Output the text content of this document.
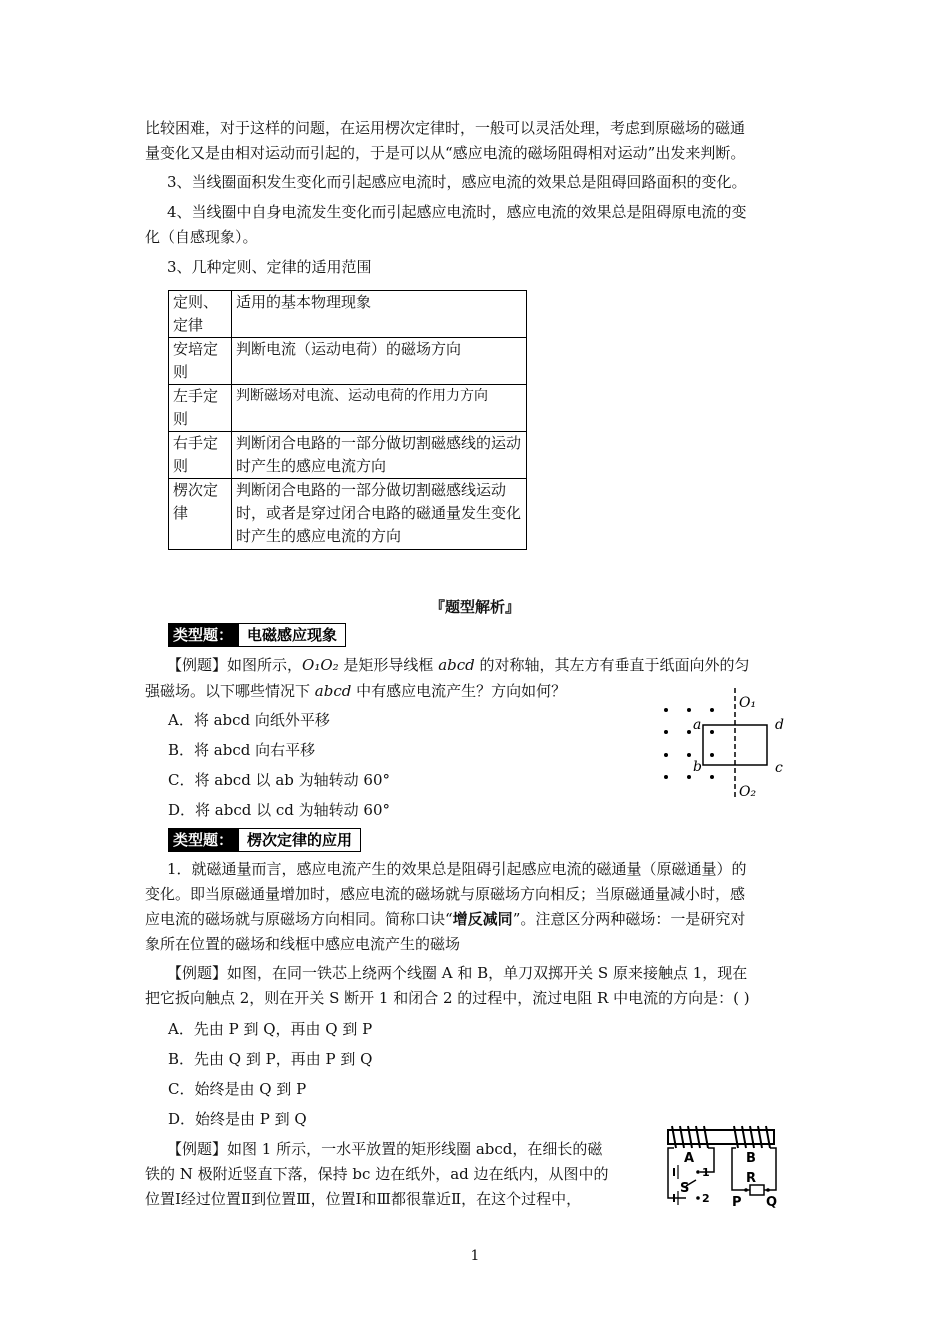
比较困难，对于这样的问题，在运用楞次定律时，一般可以灵活处理，考虑到原磁场的磁通
量变化又是由相对运动而引起的，于是可以从“感应电流的磁场阻碍相对运动”出发来判断。
3、当线圈面积发生变化而引起感应电流时，感应电流的效果总是阻碍回路面积的变化。
4、当线圈中自身电流发生变化而引起感应电流时，感应电流的效果总是阻碍原电流的变
化（自感现象）。
3、几种定则、定律的适用范围
定则、定律	适用的基本物理现象
安培定则	判断电流（运动电荷）的磁场方向
左手定则	判断磁场对电流、运动电荷的作用力方向
右手定则	判断闭合电路的一部分做切割磁感线的运动时产生的感应电流方向
楞次定律	判断闭合电路的一部分做切割磁感线运动时，或者是穿过闭合电路的磁通量发生变化时产生的感应电流的方向
『题型解析』
类型题： 电磁感应现象
【例题】如图所示，O₁O₂ 是矩形导线框 abcd 的对称轴，其左方有垂直于纸面向外的匀
强磁场。以下哪些情况下 abcd 中有感应电流产生？方向如何？
A．将 abcd 向纸外平移
B．将 abcd 向右平移
C．将 abcd 以 ab 为轴转动 60°
D．将 abcd 以 cd 为轴转动 60°
O₁
a	d
b	c
O₂
类型题： 楞次定律的应用
1．就磁通量而言，感应电流产生的效果总是阻碍引起感应电流的磁通量（原磁通量）的
变化。即当原磁通量增加时，感应电流的磁场就与原磁场方向相反；当原磁通量减小时，感
应电流的磁场就与原磁场方向相同。简称口诀“增反减同”。注意区分两种磁场：一是研究对
象所在位置的磁场和线框中感应电流产生的磁场
【例题】如图，在同一铁芯上绕两个线圈 A 和 B，单刀双掷开关 S 原来接触点 1，现在
把它扳向触点 2，则在开关 S 断开 1 和闭合 2 的过程中，流过电阻 R 中电流的方向是：( )
A．先由 P 到 Q，再由 Q 到 P
B．先由 Q 到 P，再由 P 到 Q
C．始终是由 Q 到 P
D．始终是由 P 到 Q
【例题】如图 1 所示，一水平放置的矩形线圈 abcd，在细长的磁
铁的 N 极附近竖直下落，保持 bc 边在纸外，ad 边在纸内，从图中的
位置Ⅰ经过位置Ⅱ到位置Ⅲ，位置Ⅰ和Ⅲ都很靠近Ⅱ，在这个过程中，
A	B
R
S
P Q
1
2
1
